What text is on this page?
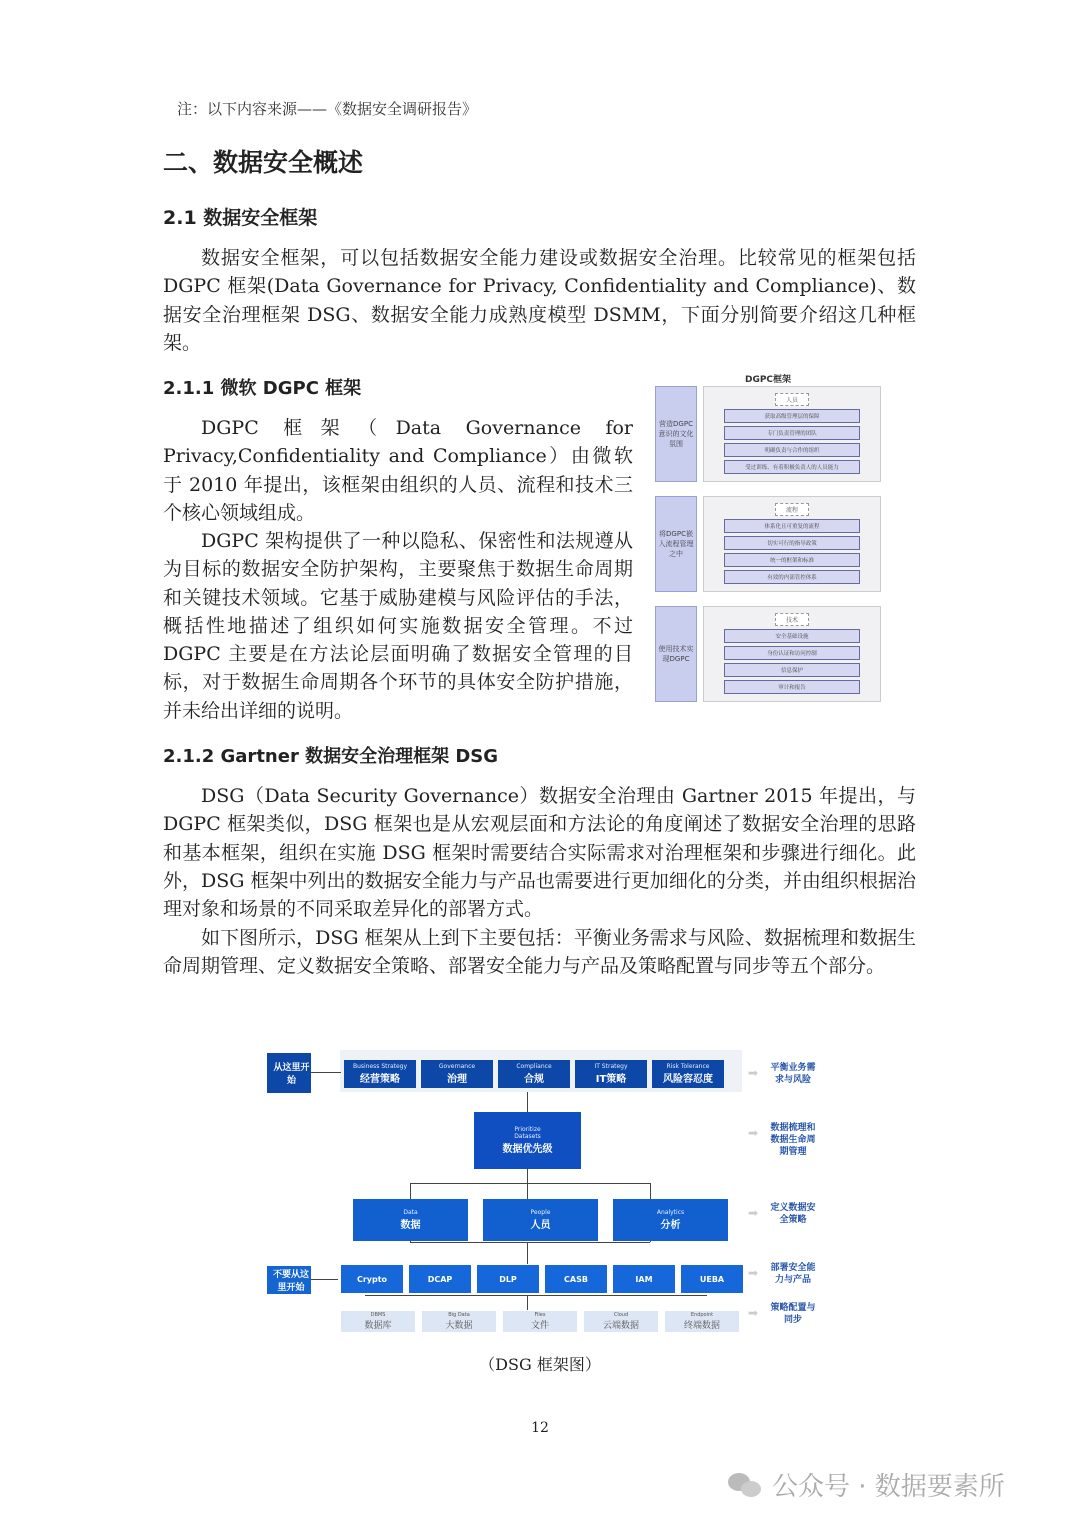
注：以下内容来源——《数据安全调研报告》
二、数据安全概述
2.1 数据安全框架

数据安全框架，可以包括数据安全能力建设或数据安全治理。比较常见的框架包括 DGPC 框架(Data Governance for Privacy, Confidentiality and Compliance)、数据安全治理框架 DSG、数据安全能力成熟度模型 DSMM，下面分别简要介绍这几种框架。

2.1.1 微软 DGPC 框架

DGPC 框架（Data Governance for Privacy,Confidentiality and Compliance）由微软于 2010 年提出，该框架由组织的人员、流程和技术三个核心领域组成。

DGPC 架构提供了一种以隐私、保密性和法规遵从为目标的数据安全防护架构，主要聚焦于数据生命周期和关键技术领域。它基于威胁建模与风险评估的手法，概括性地描述了组织如何实施数据安全管理。不过 DGPC 主要是在方法论层面明确了数据安全管理的目标，对于数据生命周期各个环节的具体安全防护措施，并未给出详细的说明。

DGPC框架
营造DGPC意识的文化氛围
人员
获取高级管理层的保障
专门负责管理的团队
明确负责与合作的组织
受过训练、有着积极负责人的人员能力
将DGPC嵌入流程管理之中
流程
体系化且可重复的流程
切实可行的指导政策
统一的框架和标准
有效的内部管控体系
使用技术实现DGPC
技术
安全基础设施
身份认证和访问控制
信息保护
审计和报告
2.1.2 Gartner 数据安全治理框架 DSG

DSG（Data Security Governance）数据安全治理由 Gartner 2015 年提出，与 DGPC 框架类似，DSG 框架也是从宏观层面和方法论的角度阐述了数据安全治理的思路和基本框架，组织在实施 DSG 框架时需要结合实际需求对治理框架和步骤进行细化。此外，DSG 框架中列出的数据安全能力与产品也需要进行更加细化的分类，并由组织根据治理对象和场景的不同采取差异化的部署方式。

如下图所示，DSG 框架从上到下主要包括：平衡业务需求与风险、数据梳理和数据生命周期管理、定义数据安全策略、部署安全能力与产品及策略配置与同步等五个部分。

从这里开始
Prioritize
Datasets
数据优先级
不要从这里开始
Business Strategy
经营策略
Governance
治理
Compliance
合规
IT Strategy
IT策略
Risk Tolerance
风险容忍度
Data
数据
People
人员
Analytics
分析
Crypto	DCAP	DLP	CASB	IAM	UEBA
DBMS
数据库
Big Data
大数据
Files
文件
Cloud
云端数据
Endpoint
终端数据
➡ 平衡业务需求与风险
➡ 数据梳理和数据生命周期管理
➡ 定义数据安全策略
➡ 部署安全能力与产品
➡ 策略配置与同步
（DSG 框架图）
12
公众号 · 数据要素所
